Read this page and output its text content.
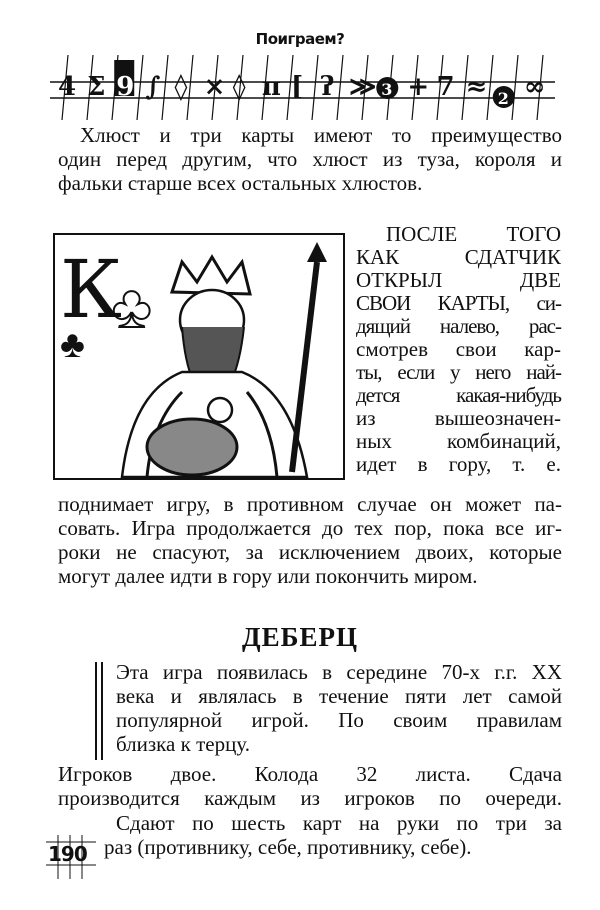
Поиграем?
4 Σ 9 ∫ ◊ × ◊ π [ ʔ ≫ 3 + 7 ≈ 2 ∞
Хлюст и три карты имеют то преимущество
один перед другим, что хлюст из туза, короля и
фальки старше всех остальных хлюстов.
К
♣
♣
ПОСЛЕ ТОГО
КАК СДАТЧИК
ОТКРЫЛ ДВЕ
СВОИ КАРТЫ, си-
дящий налево, рас-
смотрев свои кар-
ты, если у него най-
дется какая-нибудь
из вышеозначен-
ных комбинаций,
идет в гору, т. е.
поднимает игру, в противном случае он может па-
совать. Игра продолжается до тех пор, пока все иг-
роки не спасуют, за исключением двоих, которые
могут далее идти в гору или покончить миром.
ДЕБЕРЦ
Эта игра появилась в середине 70-х г.г. XX
века и являлась в течение пяти лет самой
популярной игрой. По своим правилам
близка к терцу.
Игроков двое. Колода 32 листа. Сдача
производится каждым из игроков по очереди.
Сдают по шесть карт на руки по три за
раз (противнику, себе, противнику, себе).
190
